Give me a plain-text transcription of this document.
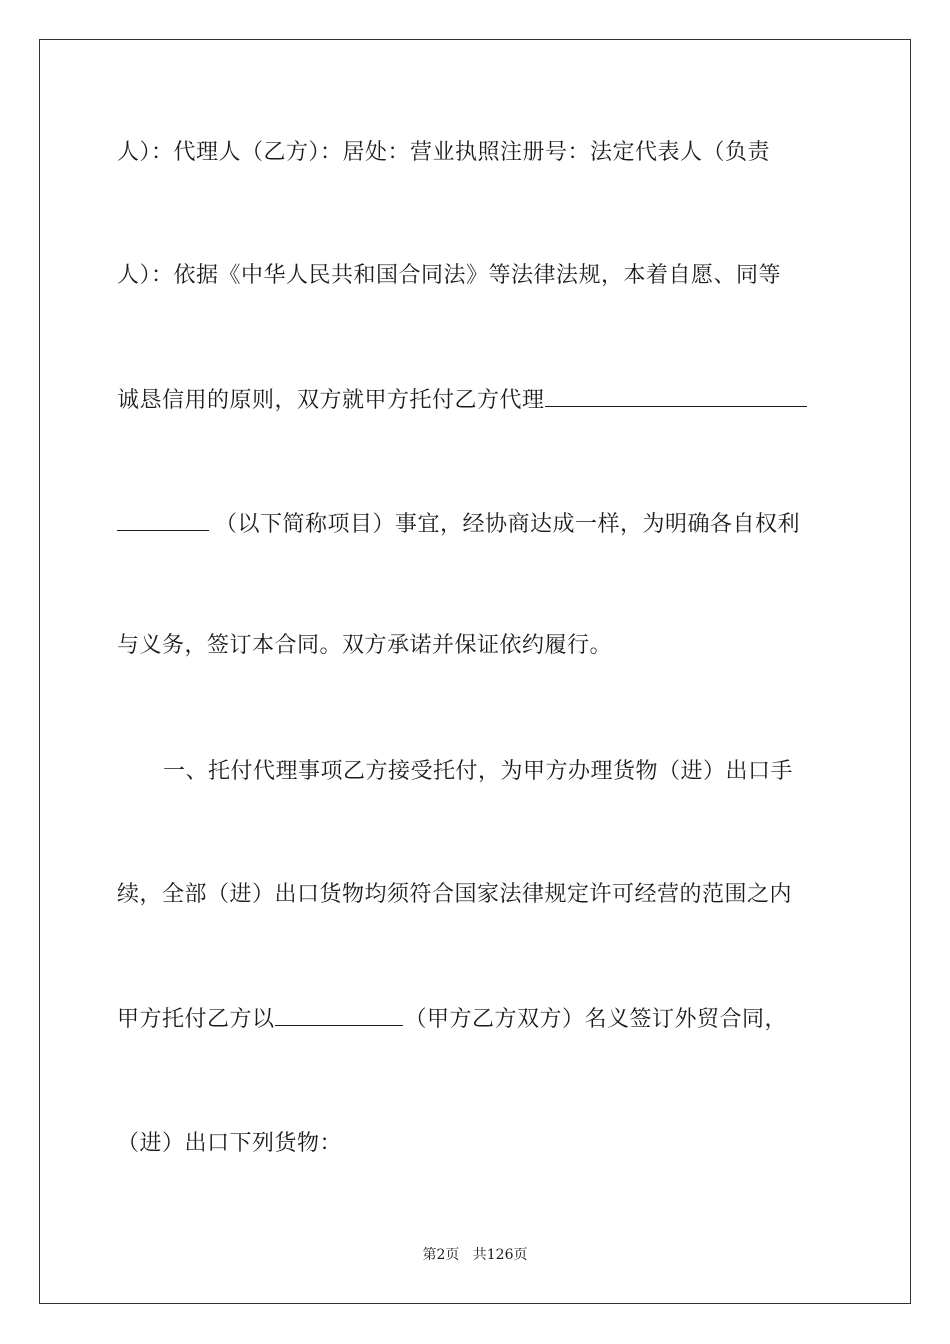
人）：代理人（乙方）：居处：营业执照注册号：法定代表人（负责
人）：依据《中华人民共和国合同法》等法律法规，本着自愿、同等
诚恳信用的原则，双方就甲方托付乙方代理
（以下简称项目）事宜，经协商达成一样，为明确各自权利
与义务，签订本合同。双方承诺并保证依约履行。
一、托付代理事项乙方接受托付，为甲方办理货物（进）出口手
续，全部（进）出口货物均须符合国家法律规定许可经营的范围之内
甲方托付乙方以	（甲方乙方双方）名义签订外贸合同，
（进）出口下列货物：
第2页 共126页
